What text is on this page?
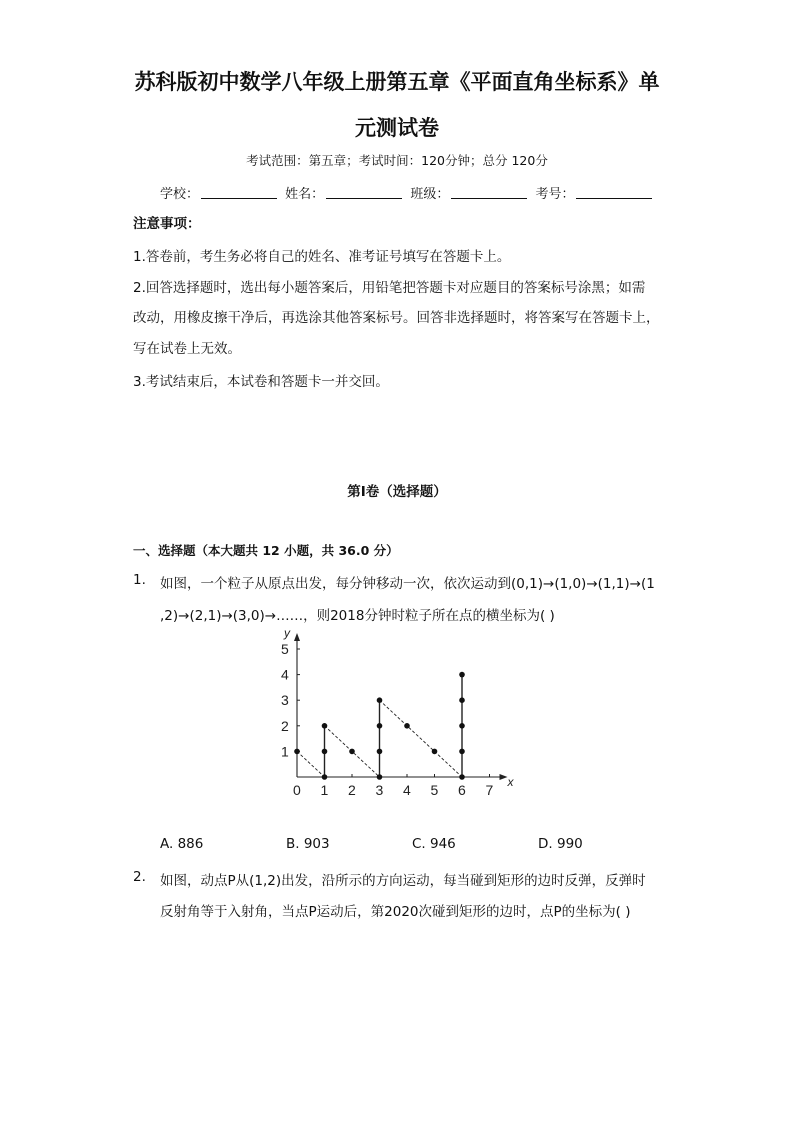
苏科版初中数学八年级上册第五章《平面直角坐标系》单
元测试卷
考试范围：第五章；考试时间：120分钟；总分 120分
学校：	姓名：	班级：	考号：
注意事项：
1.答卷前，考生务必将自己的姓名、准考证号填写在答题卡上。
2.回答选择题时，选出每小题答案后，用铅笔把答题卡对应题目的答案标号涂黑；如需
改动，用橡皮擦干净后，再选涂其他答案标号。回答非选择题时，将答案写在答题卡上，
写在试卷上无效。
3.考试结束后，本试卷和答题卡一并交回。
第Ⅰ卷（选择题）
一、选择题（本大题共 12 小题，共 36.0 分）
1. 如图，一个粒子从原点出发，每分钟移动一次，依次运动到(0,1)→(1,0)→(1,1)→(1
,2)→(2,1)→(3,0)→……，则2018分钟时粒子所在点的横坐标为( )
x
y
0 1 2 3 4 5 6 7
1
2
3
4
5
A. 886	B. 903	C. 946	D. 990
2. 如图，动点P从(1,2)出发，沿所示的方向运动，每当碰到矩形的边时反弹，反弹时
反射角等于入射角，当点P运动后，第2020次碰到矩形的边时，点P的坐标为( )
